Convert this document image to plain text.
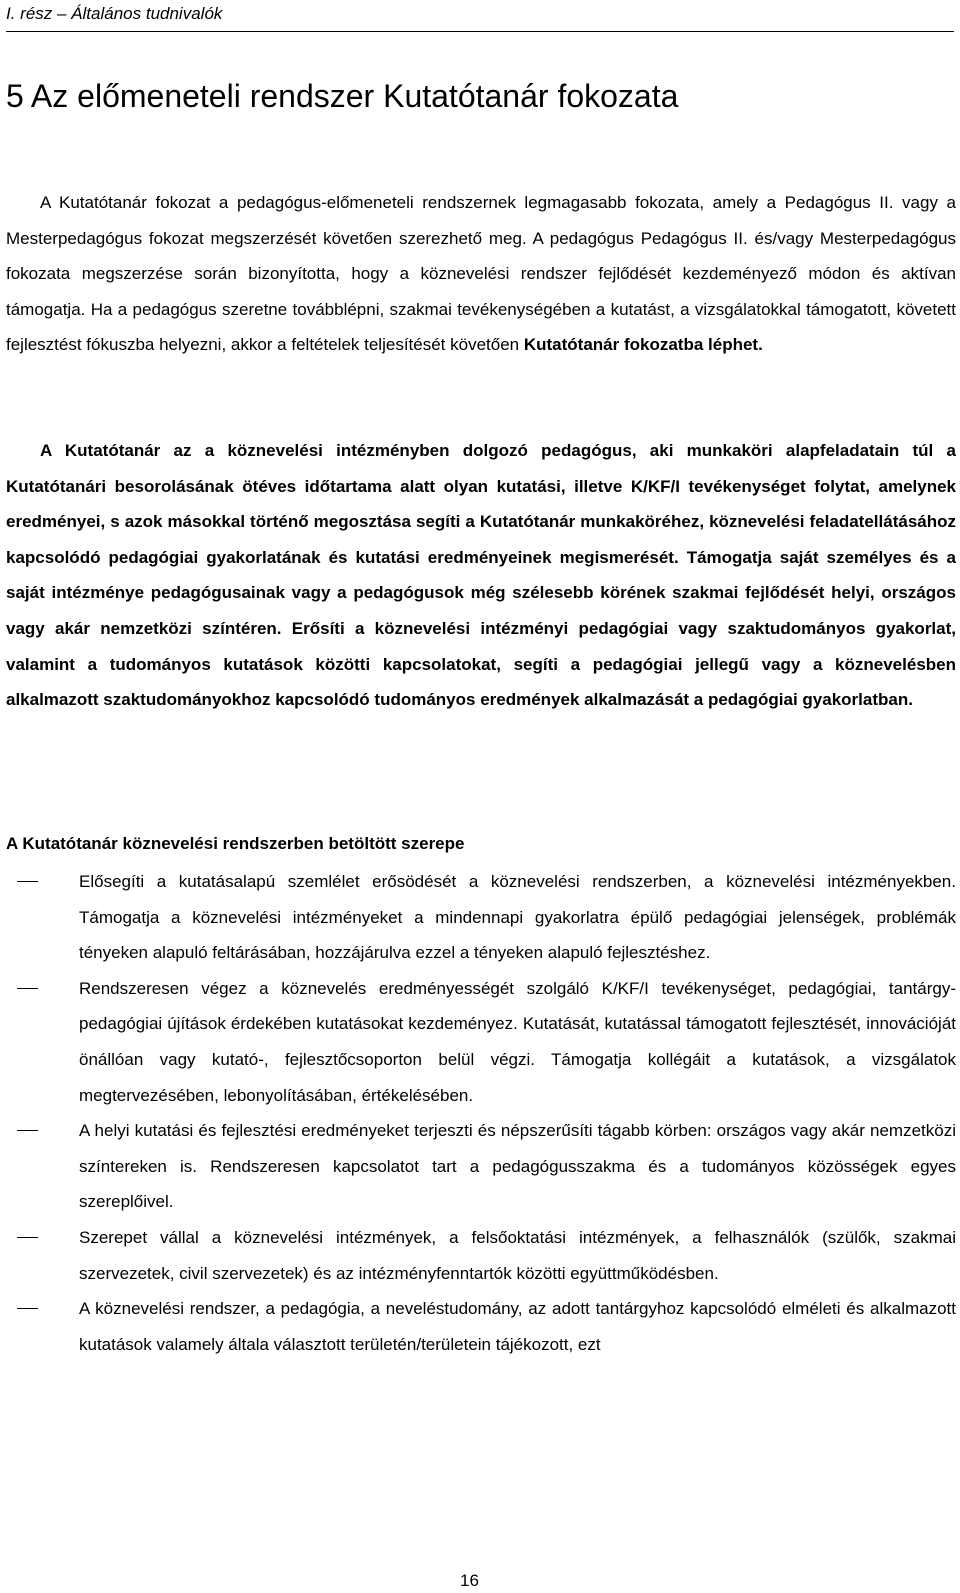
I. rész – Általános tudnivalók
5 Az előmeneteli rendszer Kutatótanár fokozata

A Kutatótanár fokozat a pedagógus-előmeneteli rendszernek legmagasabb fokozata, amely a Pedagógus II. vagy a Mesterpedagógus fokozat megszerzését követően szerezhető meg. A pedagógus Pedagógus II. és/vagy Mesterpedagógus fokozata megszerzése során bizonyította, hogy a köznevelési rendszer fejlődését kezdeményező módon és aktívan támogatja. Ha a pedagógus szeretne továbblépni, szakmai tevékenységében a kutatást, a vizsgálatokkal támogatott, követett fejlesztést fókuszba helyezni, akkor a feltételek teljesítését követően Kutatótanár fokozatba léphet.

A Kutatótanár az a köznevelési intézményben dolgozó pedagógus, aki munkaköri alapfeladatain túl a Kutatótanári besorolásának ötéves időtartama alatt olyan kutatási, illetve K/KF/I tevékenységet folytat, amelynek eredményei, s azok másokkal történő megosztása segíti a Kutatótanár munkaköréhez, köznevelési feladatellátásához kapcsolódó pedagógiai gyakorlatának és kutatási eredményeinek megismerését. Támogatja saját személyes és a saját intézménye pedagógusainak vagy a pedagógusok még szélesebb körének szakmai fejlődését helyi, országos vagy akár nemzetközi színtéren. Erősíti a köznevelési intézményi pedagógiai vagy szaktudományos gyakorlat, valamint a tudományos kutatások közötti kapcsolatokat, segíti a pedagógiai jellegű vagy a köznevelésben alkalmazott szaktudományokhoz kapcsolódó tudományos eredmények alkalmazását a pedagógiai gyakorlatban.

A Kutatótanár köznevelési rendszerben betöltött szerepe
Elősegíti a kutatásalapú szemlélet erősödését a köznevelési rendszerben, a köznevelési intézményekben. Támogatja a köznevelési intézményeket a mindennapi gyakorlatra épülő pedagógiai jelenségek, problémák tényeken alapuló feltárásában, hozzájárulva ezzel a tényeken alapuló fejlesztéshez.
Rendszeresen végez a köznevelés eredményességét szolgáló K/KF/I tevékenységet, pedagógiai, tantárgy-pedagógiai újítások érdekében kutatásokat kezdeményez. Kutatását, kutatással támogatott fejlesztését, innovációját önállóan vagy kutató-, fejlesztőcsoporton belül végzi. Támogatja kollégáit a kutatások, a vizsgálatok megtervezésében, lebonyolításában, értékelésében.
A helyi kutatási és fejlesztési eredményeket terjeszti és népszerűsíti tágabb körben: országos vagy akár nemzetközi színtereken is. Rendszeresen kapcsolatot tart a pedagógusszakma és a tudományos közösségek egyes szereplőivel.
Szerepet vállal a köznevelési intézmények, a felsőoktatási intézmények, a felhasználók (szülők, szakmai szervezetek, civil szervezetek) és az intézményfenntartók közötti együttműködésben.
A köznevelési rendszer, a pedagógia, a neveléstudomány, az adott tantárgyhoz kapcsolódó elméleti és alkalmazott kutatások valamely általa választott területén/területein tájékozott, ezt
16
